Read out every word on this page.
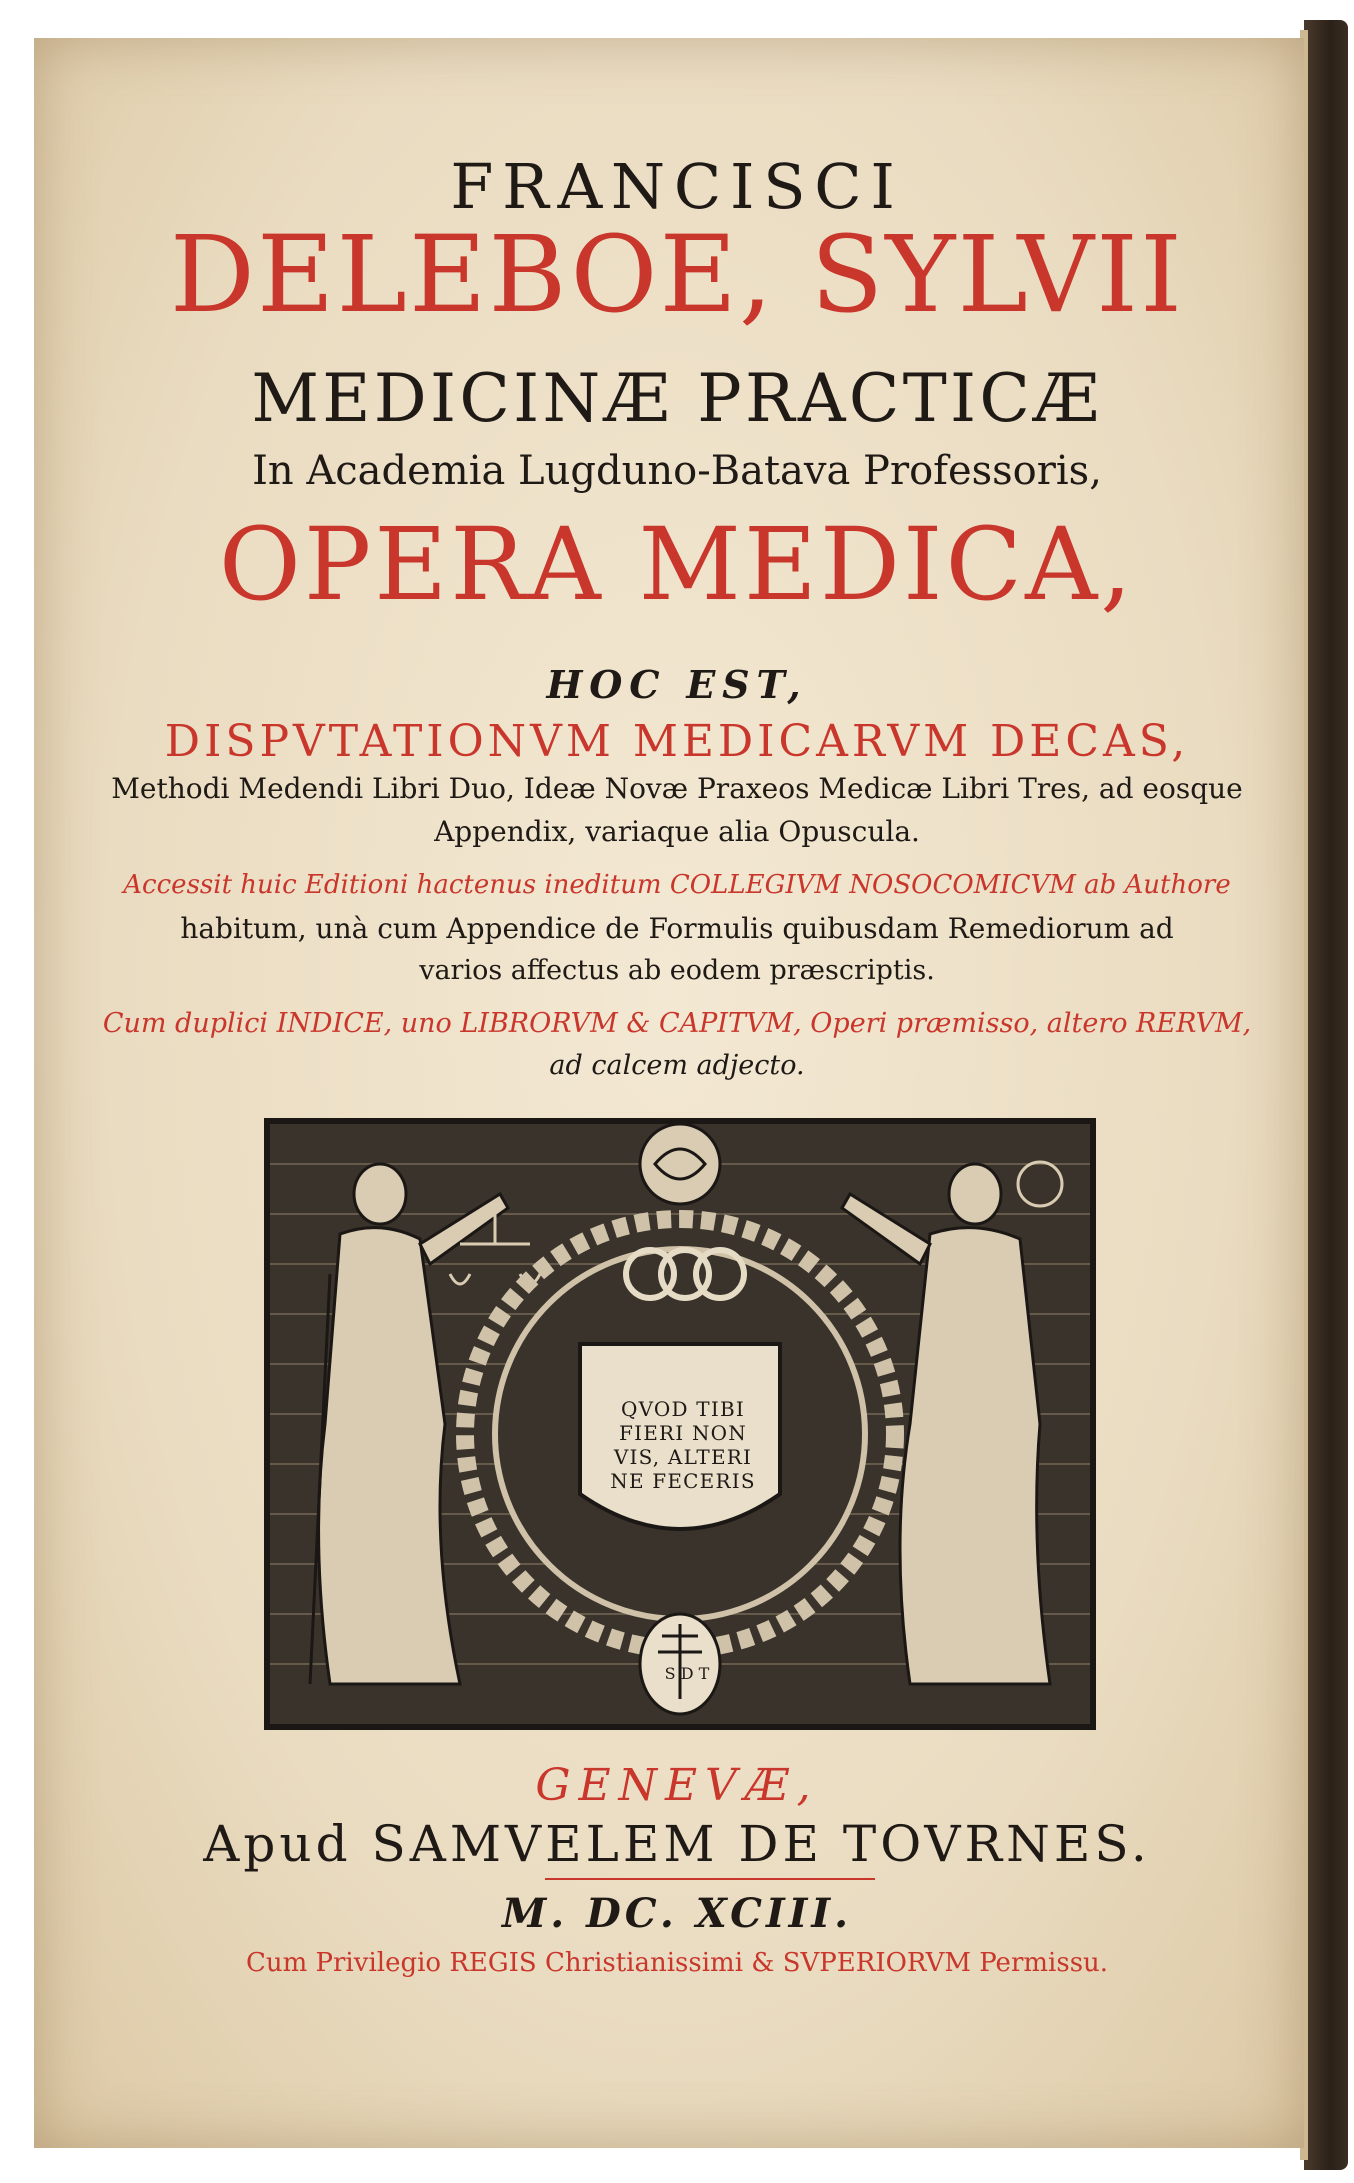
FRANCISCI

DELEBOE, SYLVII

MEDICINÆ PRACTICÆ

In Academia Lugduno-Batava Professoris,

OPERA MEDICA,

HOC EST,

DISPVTATIONVM MEDICARVM DECAS,

Methodi Medendi Libri Duo, Ideæ Novæ Praxeos Medicæ Libri Tres, ad eosque

Appendix, variaque alia Opuscula.

Accessit huic Editioni hactenus ineditum COLLEGIVM NOSOCOMICVM ab Authore

habitum, unà cum Appendice de Formulis quibusdam Remediorum ad

varios affectus ab eodem præscriptis.

Cum duplici INDICE, uno LIBRORVM & CAPITVM, Operi præmisso, altero RERVM,

ad calcem adjecto.

QVOD TIBI
FIERI NON
VIS, ALTERI
NE FECERIS
S D T

GENEVÆ,

Apud SAMVELEM DE TOVRNES.

M. DC. XCIII.

Cum Privilegio REGIS Christianissimi & SVPERIORVM Permissu.
